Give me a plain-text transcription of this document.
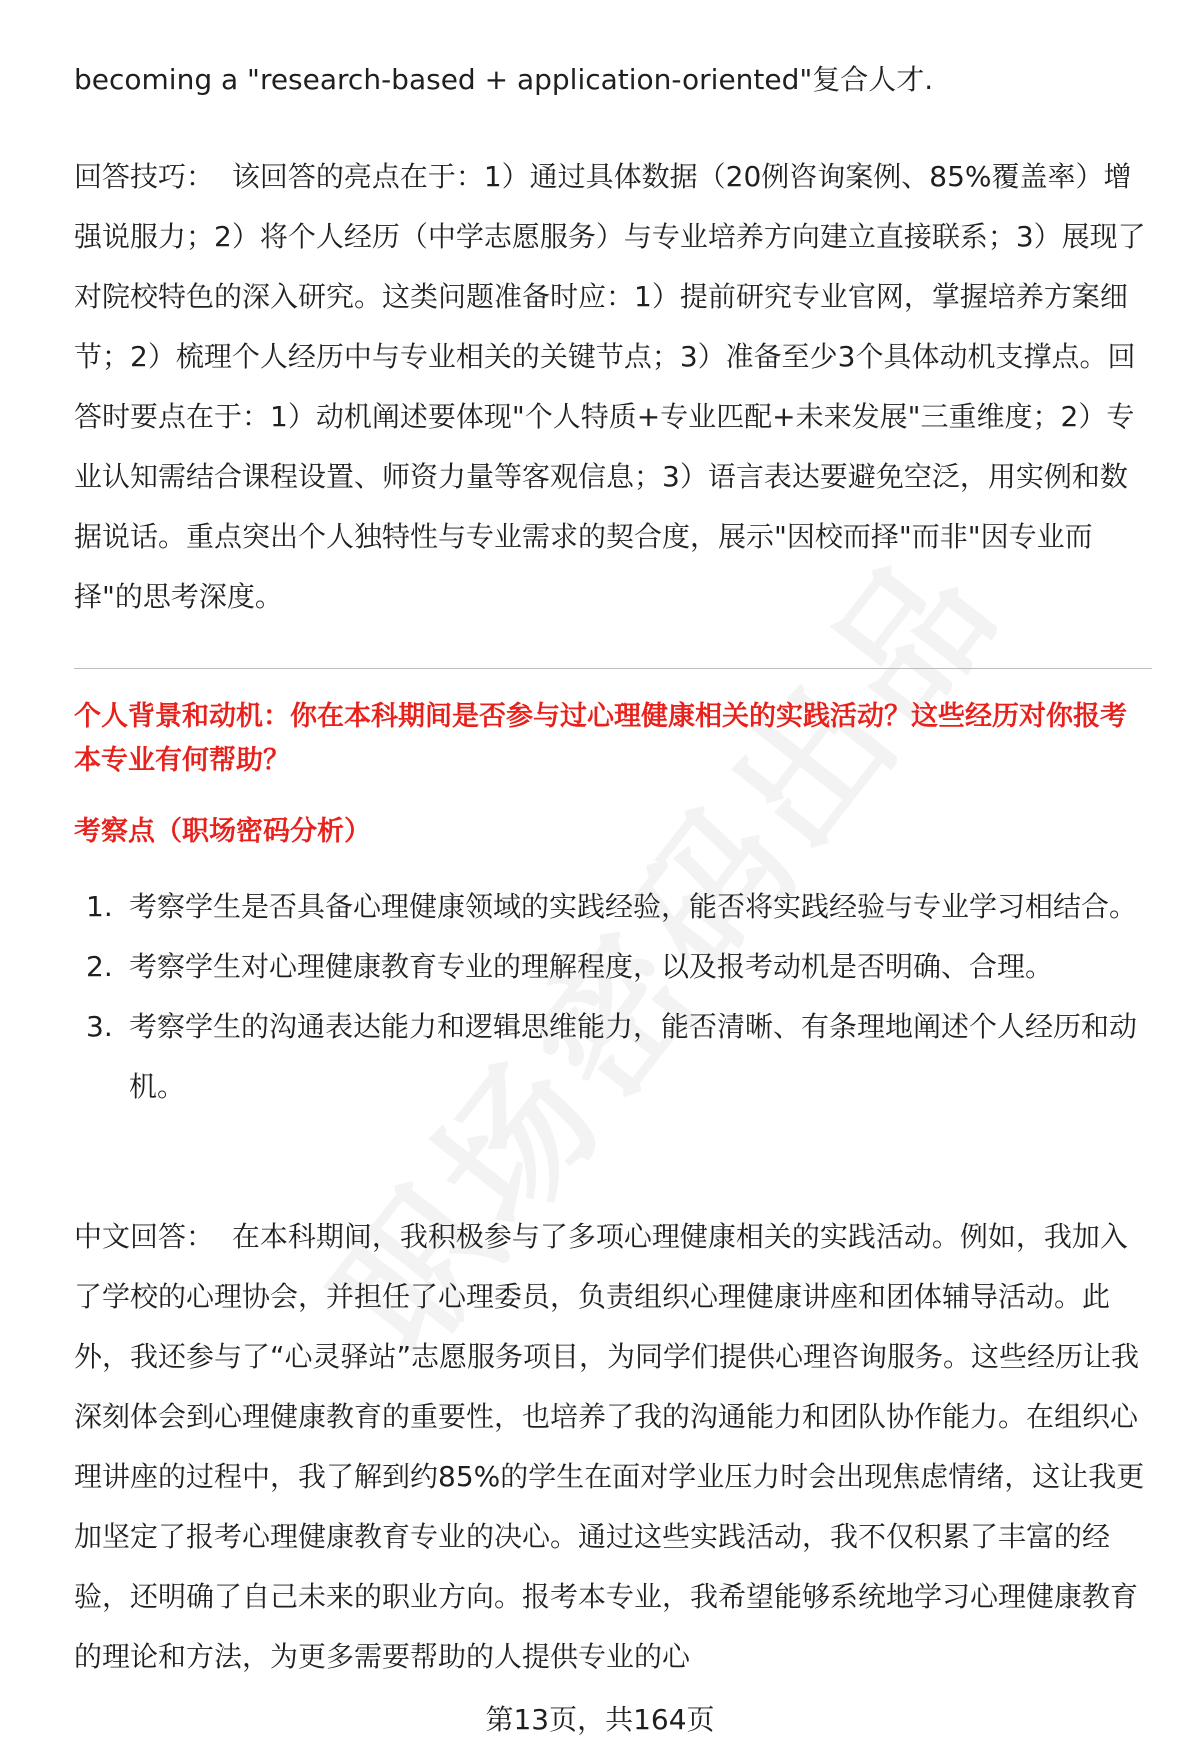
becoming a "research-based + application-oriented"复合人才.

回答技巧： 该回答的亮点在于：1）通过具体数据（20例咨询案例、85%覆盖率）增强说服力；2）将个人经历（中学志愿服务）与专业培养方向建立直接联系；3）展现了对院校特色的深入研究。这类问题准备时应：1）提前研究专业官网，掌握培养方案细节；2）梳理个人经历中与专业相关的关键节点；3）准备至少3个具体动机支撑点。回答时要点在于：1）动机阐述要体现"个人特质+专业匹配+未来发展"三重维度；2）专业认知需结合课程设置、师资力量等客观信息；3）语言表达要避免空泛，用实例和数据说话。重点突出个人独特性与专业需求的契合度，展示"因校而择"而非"因专业而择"的思考深度。

个人背景和动机：你在本科期间是否参与过心理健康相关的实践活动？这些经历对你报考本专业有何帮助？
考察点（职场密码分析）
1. 考察学生是否具备心理健康领域的实践经验，能否将实践经验与专业学习相结合。
2. 考察学生对心理健康教育专业的理解程度，以及报考动机是否明确、合理。
3. 考察学生的沟通表达能力和逻辑思维能力，能否清晰、有条理地阐述个人经历和动机。

中文回答： 在本科期间，我积极参与了多项心理健康相关的实践活动。例如，我加入了学校的心理协会，并担任了心理委员，负责组织心理健康讲座和团体辅导活动。此外，我还参与了“心灵驿站”志愿服务项目，为同学们提供心理咨询服务。这些经历让我深刻体会到心理健康教育的重要性，也培养了我的沟通能力和团队协作能力。在组织心理讲座的过程中，我了解到约85%的学生在面对学业压力时会出现焦虑情绪，这让我更加坚定了报考心理健康教育专业的决心。通过这些实践活动，我不仅积累了丰富的经验，还明确了自己未来的职业方向。报考本专业，我希望能够系统地学习心理健康教育的理论和方法，为更多需要帮助的人提供专业的心

第13页，共164页
